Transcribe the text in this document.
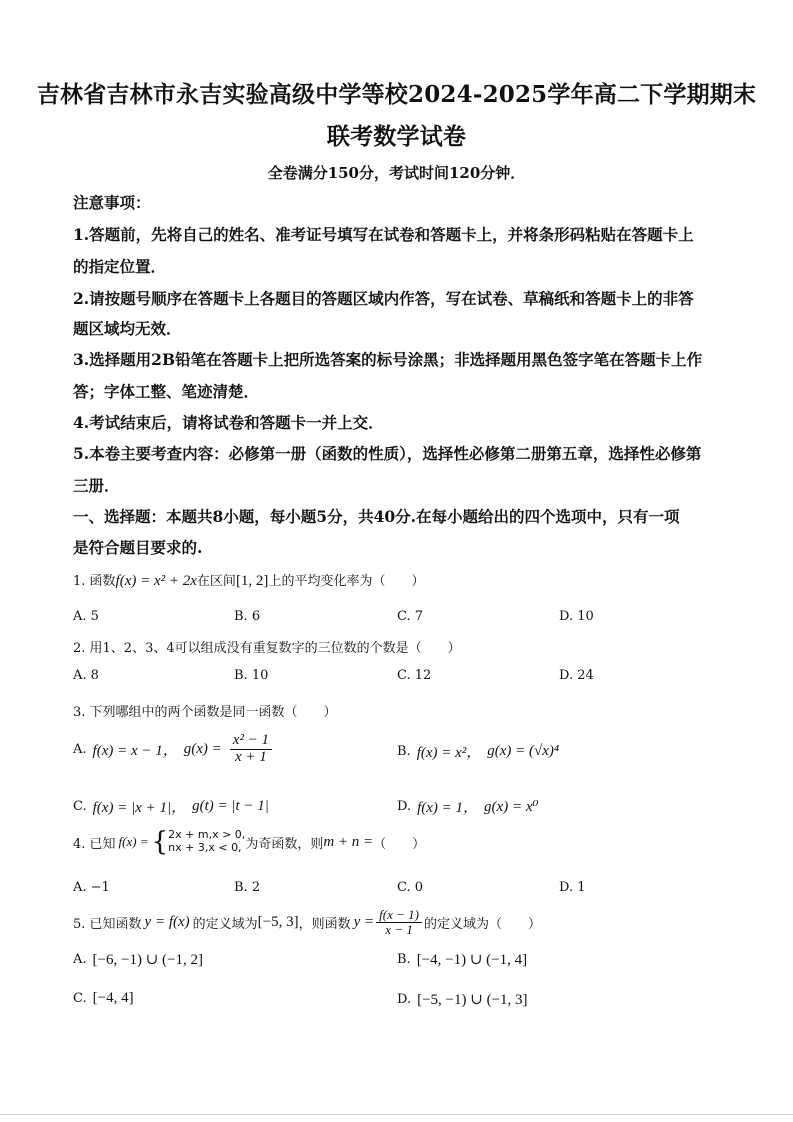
吉林省吉林市永吉实验高级中学等校2024-2025学年高二下学期期末
联考数学试卷
全卷满分150分，考试时间120分钟．
注意事项：
1.答题前，先将自己的姓名、准考证号填写在试卷和答题卡上，并将条形码粘贴在答题卡上
的指定位置．
2.请按题号顺序在答题卡上各题目的答题区域内作答，写在试卷、草稿纸和答题卡上的非答
题区域均无效．
3.选择题用2B铅笔在答题卡上把所选答案的标号涂黑；非选择题用黑色签字笔在答题卡上作
答；字体工整、笔迹清楚．
4.考试结束后，请将试卷和答题卡一并上交．
5.本卷主要考查内容：必修第一册（函数的性质），选择性必修第二册第五章，选择性必修第
三册．
一、选择题：本题共8小题，每小题5分，共40分.在每小题给出的四个选项中，只有一项
是符合题目要求的.
1. 函数f(x) = x² + 2x在区间[1, 2]上的平均变化率为（　　）
A. 5	B. 6	C. 7	D. 10
2. 用1、2、3、4可以组成没有重复数字的三位数的个数是（　　）
A. 8	B. 10	C. 12	D. 24
3. 下列哪组中的两个函数是同一函数（　　）
A. f(x) = x − 1， $g(x) = \frac{\text{x² − 1}}{x + 1}$	B. f(x) = x²， g(x) = (√x)⁴
C. f(x) = |x + 1|， g(t) = |t − 1|	D. f(x) = 1， g(x) = x⁰
4. 已知 f(x) = { 2x + m,x > 0,
nx + 3,x < 0, 为奇函数，则 m + n = （　　）
A. −1	B. 2	C. 0	D. 1
5. 已知函数 y = f(x) 的定义域为 [−5, 3] ，则函数 $y = \frac{f(x - 1)}{x - 1}$ 的定义域为（　　）
A. [−6, −1) ∪ (−1, 2]	B. [−4, −1) ∪ (−1, 4]
C. [−4, 4]	D. [−5, −1) ∪ (−1, 3]
